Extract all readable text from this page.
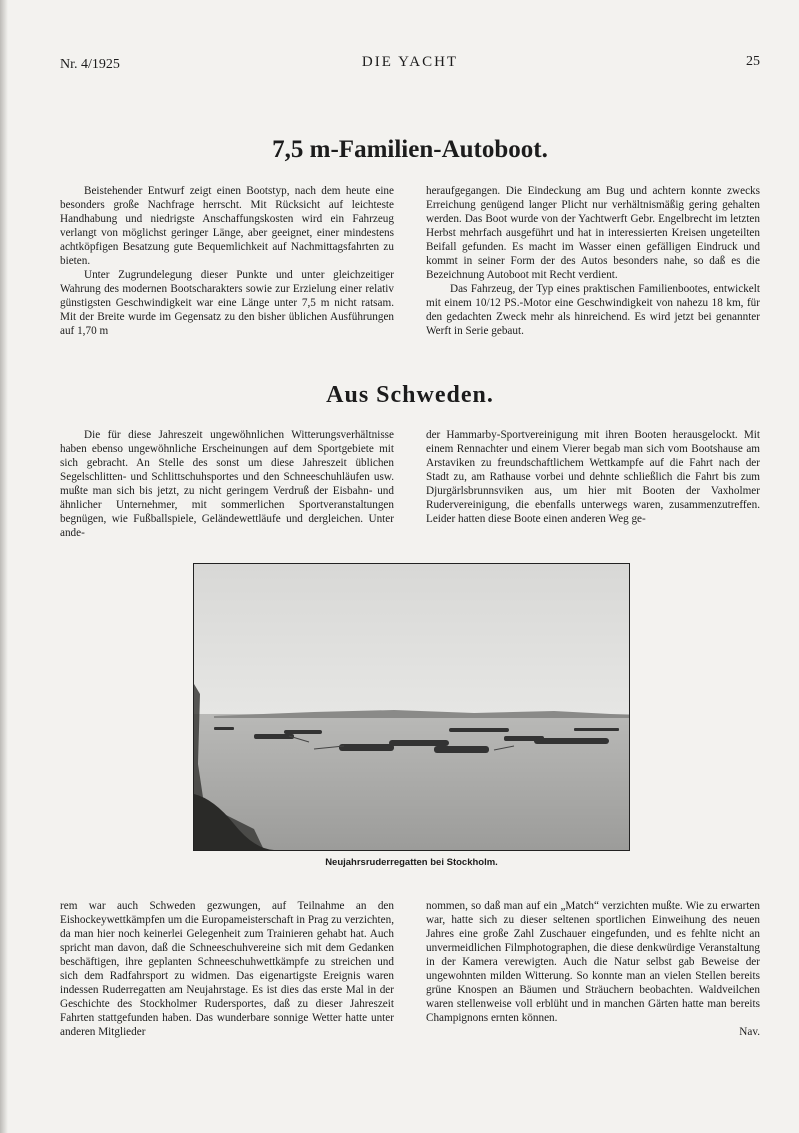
Nr. 4/1925	DIE YACHT	25
7,5 m-Familien-Autoboot.

Beistehender Entwurf zeigt einen Bootstyp, nach dem heute eine besonders große Nachfrage herrscht. Mit Rücksicht auf leichteste Handhabung und niedrigste Anschaffungskosten wird ein Fahrzeug verlangt von möglichst geringer Länge, aber geeignet, einer mindestens achtköpfigen Besatzung gute Bequemlichkeit auf Nachmittagsfahrten zu bieten.

Unter Zugrundelegung dieser Punkte und unter gleichzeitiger Wahrung des modernen Bootscharakters sowie zur Erzielung einer relativ günstigsten Geschwindigkeit war eine Länge unter 7,5 m nicht ratsam. Mit der Breite wurde im Gegensatz zu den bisher üblichen Ausführungen auf 1,70 m

heraufgegangen. Die Eindeckung am Bug und achtern konnte zwecks Erreichung genügend langer Plicht nur verhältnismäßig gering gehalten werden. Das Boot wurde von der Yachtwerft Gebr. Engelbrecht im letzten Herbst mehrfach ausgeführt und hat in interessierten Kreisen ungeteilten Beifall gefunden. Es macht im Wasser einen gefälligen Eindruck und kommt in seiner Form der des Autos besonders nahe, so daß es die Bezeichnung Autoboot mit Recht verdient.

Das Fahrzeug, der Typ eines praktischen Familienbootes, entwickelt mit einem 10/12 PS.-Motor eine Geschwindigkeit von nahezu 18 km, für den gedachten Zweck mehr als hinreichend. Es wird jetzt bei genannter Werft in Serie gebaut.

Aus Schweden.

Die für diese Jahreszeit ungewöhnlichen Witterungsverhältnisse haben ebenso ungewöhnliche Erscheinungen auf dem Sportgebiete mit sich gebracht. An Stelle des sonst um diese Jahreszeit üblichen Segelschlitten- und Schlittschuhsportes und den Schneeschuhläufen usw. mußte man sich bis jetzt, zu nicht geringem Verdruß der Eisbahn- und ähnlicher Unternehmer, mit sommerlichen Sportveranstaltungen begnügen, wie Fußballspiele, Geländewettläufe und dergleichen. Unter ande-

der Hammarby-Sportvereinigung mit ihren Booten herausgelockt. Mit einem Rennachter und einem Vierer begab man sich vom Bootshause am Arstaviken zu freundschaftlichem Wettkampfe auf die Fahrt nach der Stadt zu, am Rathause vorbei und dehnte schließlich die Fahrt bis zum Djurgärlsbrunnsviken aus, um hier mit Booten der Vaxholmer Rudervereinigung, die ebenfalls unterwegs waren, zusammenzutreffen. Leider hatten diese Boote einen anderen Weg ge-

Neujahrsruderregatten bei Stockholm.

rem war auch Schweden gezwungen, auf Teilnahme an den Eishockeywettkämpfen um die Europameisterschaft in Prag zu verzichten, da man hier noch keinerlei Gelegenheit zum Trainieren gehabt hat. Auch spricht man davon, daß die Schneeschuhvereine sich mit dem Gedanken beschäftigen, ihre geplanten Schneeschuhwettkämpfe zu streichen und sich dem Radfahrsport zu widmen. Das eigenartigste Ereignis waren indessen Ruderregatten am Neujahrstage. Es ist dies das erste Mal in der Geschichte des Stockholmer Rudersportes, daß zu dieser Jahreszeit Fahrten stattgefunden haben. Das wunderbare sonnige Wetter hatte unter anderen Mitglieder

nommen, so daß man auf ein „Match“ verzichten mußte. Wie zu erwarten war, hatte sich zu dieser seltenen sportlichen Einweihung des neuen Jahres eine große Zahl Zuschauer eingefunden, und es fehlte nicht an unvermeidlichen Filmphotographen, die diese denkwürdige Veranstaltung in der Kamera verewigten. Auch die Natur selbst gab Beweise der ungewohnten milden Witterung. So konnte man an vielen Stellen bereits grüne Knospen an Bäumen und Sträuchern beobachten. Waldveilchen waren stellenweise voll erblüht und in manchen Gärten hatte man bereits Champignons ernten können.

Nav.
